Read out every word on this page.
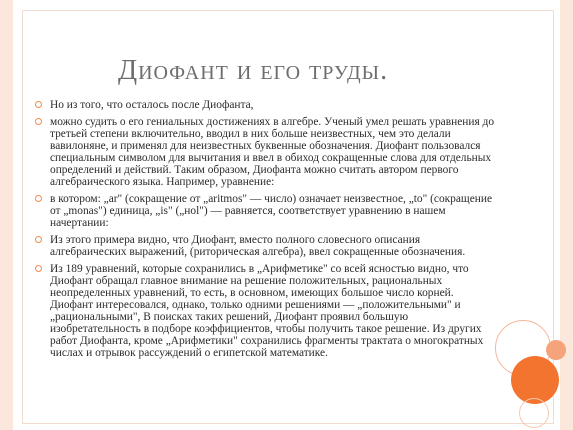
Диофант и его труды.
Но из того, что осталось после Диофанта,
можно судить о его гениальных достижениях в алгебре. Ученый умел решать уравнения до третьей степени включительно, вводил в них больше неизвестных, чем это делали вавилоняне, и применял для неизвестных буквенные обозначения. Диофант пользовался специальным символом для вычитания и ввел в обиход сокращенные слова для отдельных определений и действий. Таким образом, Диофанта можно считать автором первого алгебраического языка. Например, уравнение:
в котором: „ar" (сокращение от „aritmos" — число) означает неизвестное, „to" (сокращение от „monas") единица, „is" („ноl") — равняется, соответствует уравнению в нашем начертании:
Из этого примера видно, что Диофант, вместо полного словесного описания алгебраических выражений, (риторическая алгебра), ввел сокращенные обозначения.
Из 189 уравнений, которые сохранились в „Арифметике" со всей ясностью видно, что Диофант обращал главное внимание на решение положительных, рациональных неопределенных уравнений, то есть, в основном, имеющих большое число корней. Диофант интересовался, однако, только одними решениями — „положительными" и „рациональными", В поисках таких решений, Диофант проявил большую изобретательность в подборе коэффициентов, чтобы получить такое решение. Из других работ Диофанта, кроме „Арифметики" сохранились фрагменты трактата о многократных числах и отрывок рассуждений о египетской математике.
